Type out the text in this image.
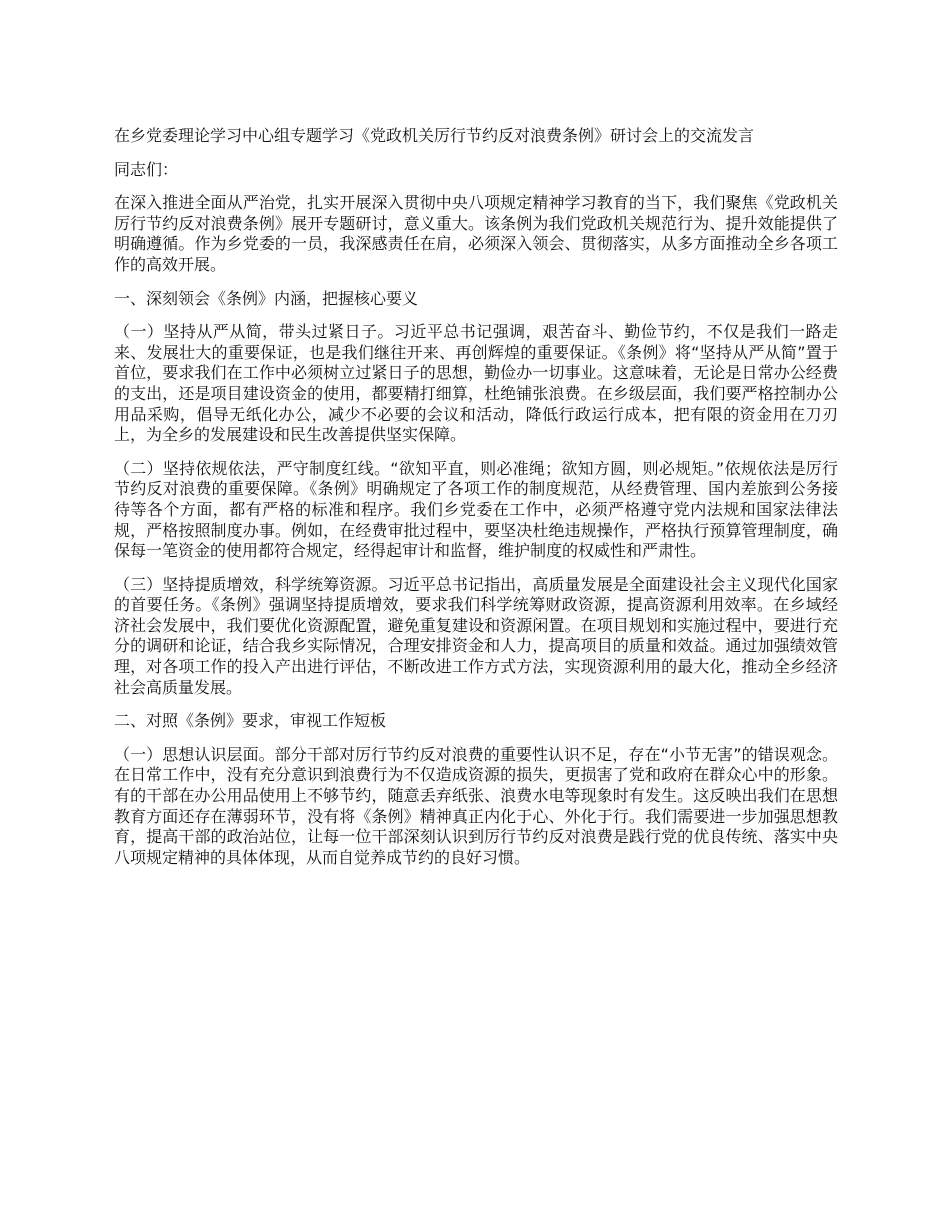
在乡党委理论学习中心组专题学习《党政机关厉行节约反对浪费条例》研讨会上的交流发言

同志们：

在深入推进全面从严治党，扎实开展深入贯彻中央八项规定精神学习教育的当下，我们聚焦《党政机关厉行节约反对浪费条例》展开专题研讨，意义重大。该条例为我们党政机关规范行为、提升效能提供了明确遵循。作为乡党委的一员，我深感责任在肩，必须深入领会、贯彻落实，从多方面推动全乡各项工作的高效开展。

一、深刻领会《条例》内涵，把握核心要义

（一）坚持从严从简，带头过紧日子。习近平总书记强调，艰苦奋斗、勤俭节约，不仅是我们一路走来、发展壮大的重要保证，也是我们继往开来、再创辉煌的重要保证。《条例》将“坚持从严从简”置于首位，要求我们在工作中必须树立过紧日子的思想，勤俭办一切事业。这意味着，无论是日常办公经费的支出，还是项目建设资金的使用，都要精打细算，杜绝铺张浪费。在乡级层面，我们要严格控制办公用品采购，倡导无纸化办公，减少不必要的会议和活动，降低行政运行成本，把有限的资金用在刀刃上，为全乡的发展建设和民生改善提供坚实保障。

（二）坚持依规依法，严守制度红线。“欲知平直，则必准绳；欲知方圆，则必规矩。”依规依法是厉行节约反对浪费的重要保障。《条例》明确规定了各项工作的制度规范，从经费管理、国内差旅到公务接待等各个方面，都有严格的标准和程序。我们乡党委在工作中，必须严格遵守党内法规和国家法律法规，严格按照制度办事。例如，在经费审批过程中，要坚决杜绝违规操作，严格执行预算管理制度，确保每一笔资金的使用都符合规定，经得起审计和监督，维护制度的权威性和严肃性。

（三）坚持提质增效，科学统筹资源。习近平总书记指出，高质量发展是全面建设社会主义现代化国家的首要任务。《条例》强调坚持提质增效，要求我们科学统筹财政资源，提高资源利用效率。在乡域经济社会发展中，我们要优化资源配置，避免重复建设和资源闲置。在项目规划和实施过程中，要进行充分的调研和论证，结合我乡实际情况，合理安排资金和人力，提高项目的质量和效益。通过加强绩效管理，对各项工作的投入产出进行评估，不断改进工作方式方法，实现资源利用的最大化，推动全乡经济社会高质量发展。

二、对照《条例》要求，审视工作短板

（一）思想认识层面。部分干部对厉行节约反对浪费的重要性认识不足，存在“小节无害”的错误观念。在日常工作中，没有充分意识到浪费行为不仅造成资源的损失，更损害了党和政府在群众心中的形象。有的干部在办公用品使用上不够节约，随意丢弃纸张、浪费水电等现象时有发生。这反映出我们在思想教育方面还存在薄弱环节，没有将《条例》精神真正内化于心、外化于行。我们需要进一步加强思想教育，提高干部的政治站位，让每一位干部深刻认识到厉行节约反对浪费是践行党的优良传统、落实中央八项规定精神的具体体现，从而自觉养成节约的良好习惯。
